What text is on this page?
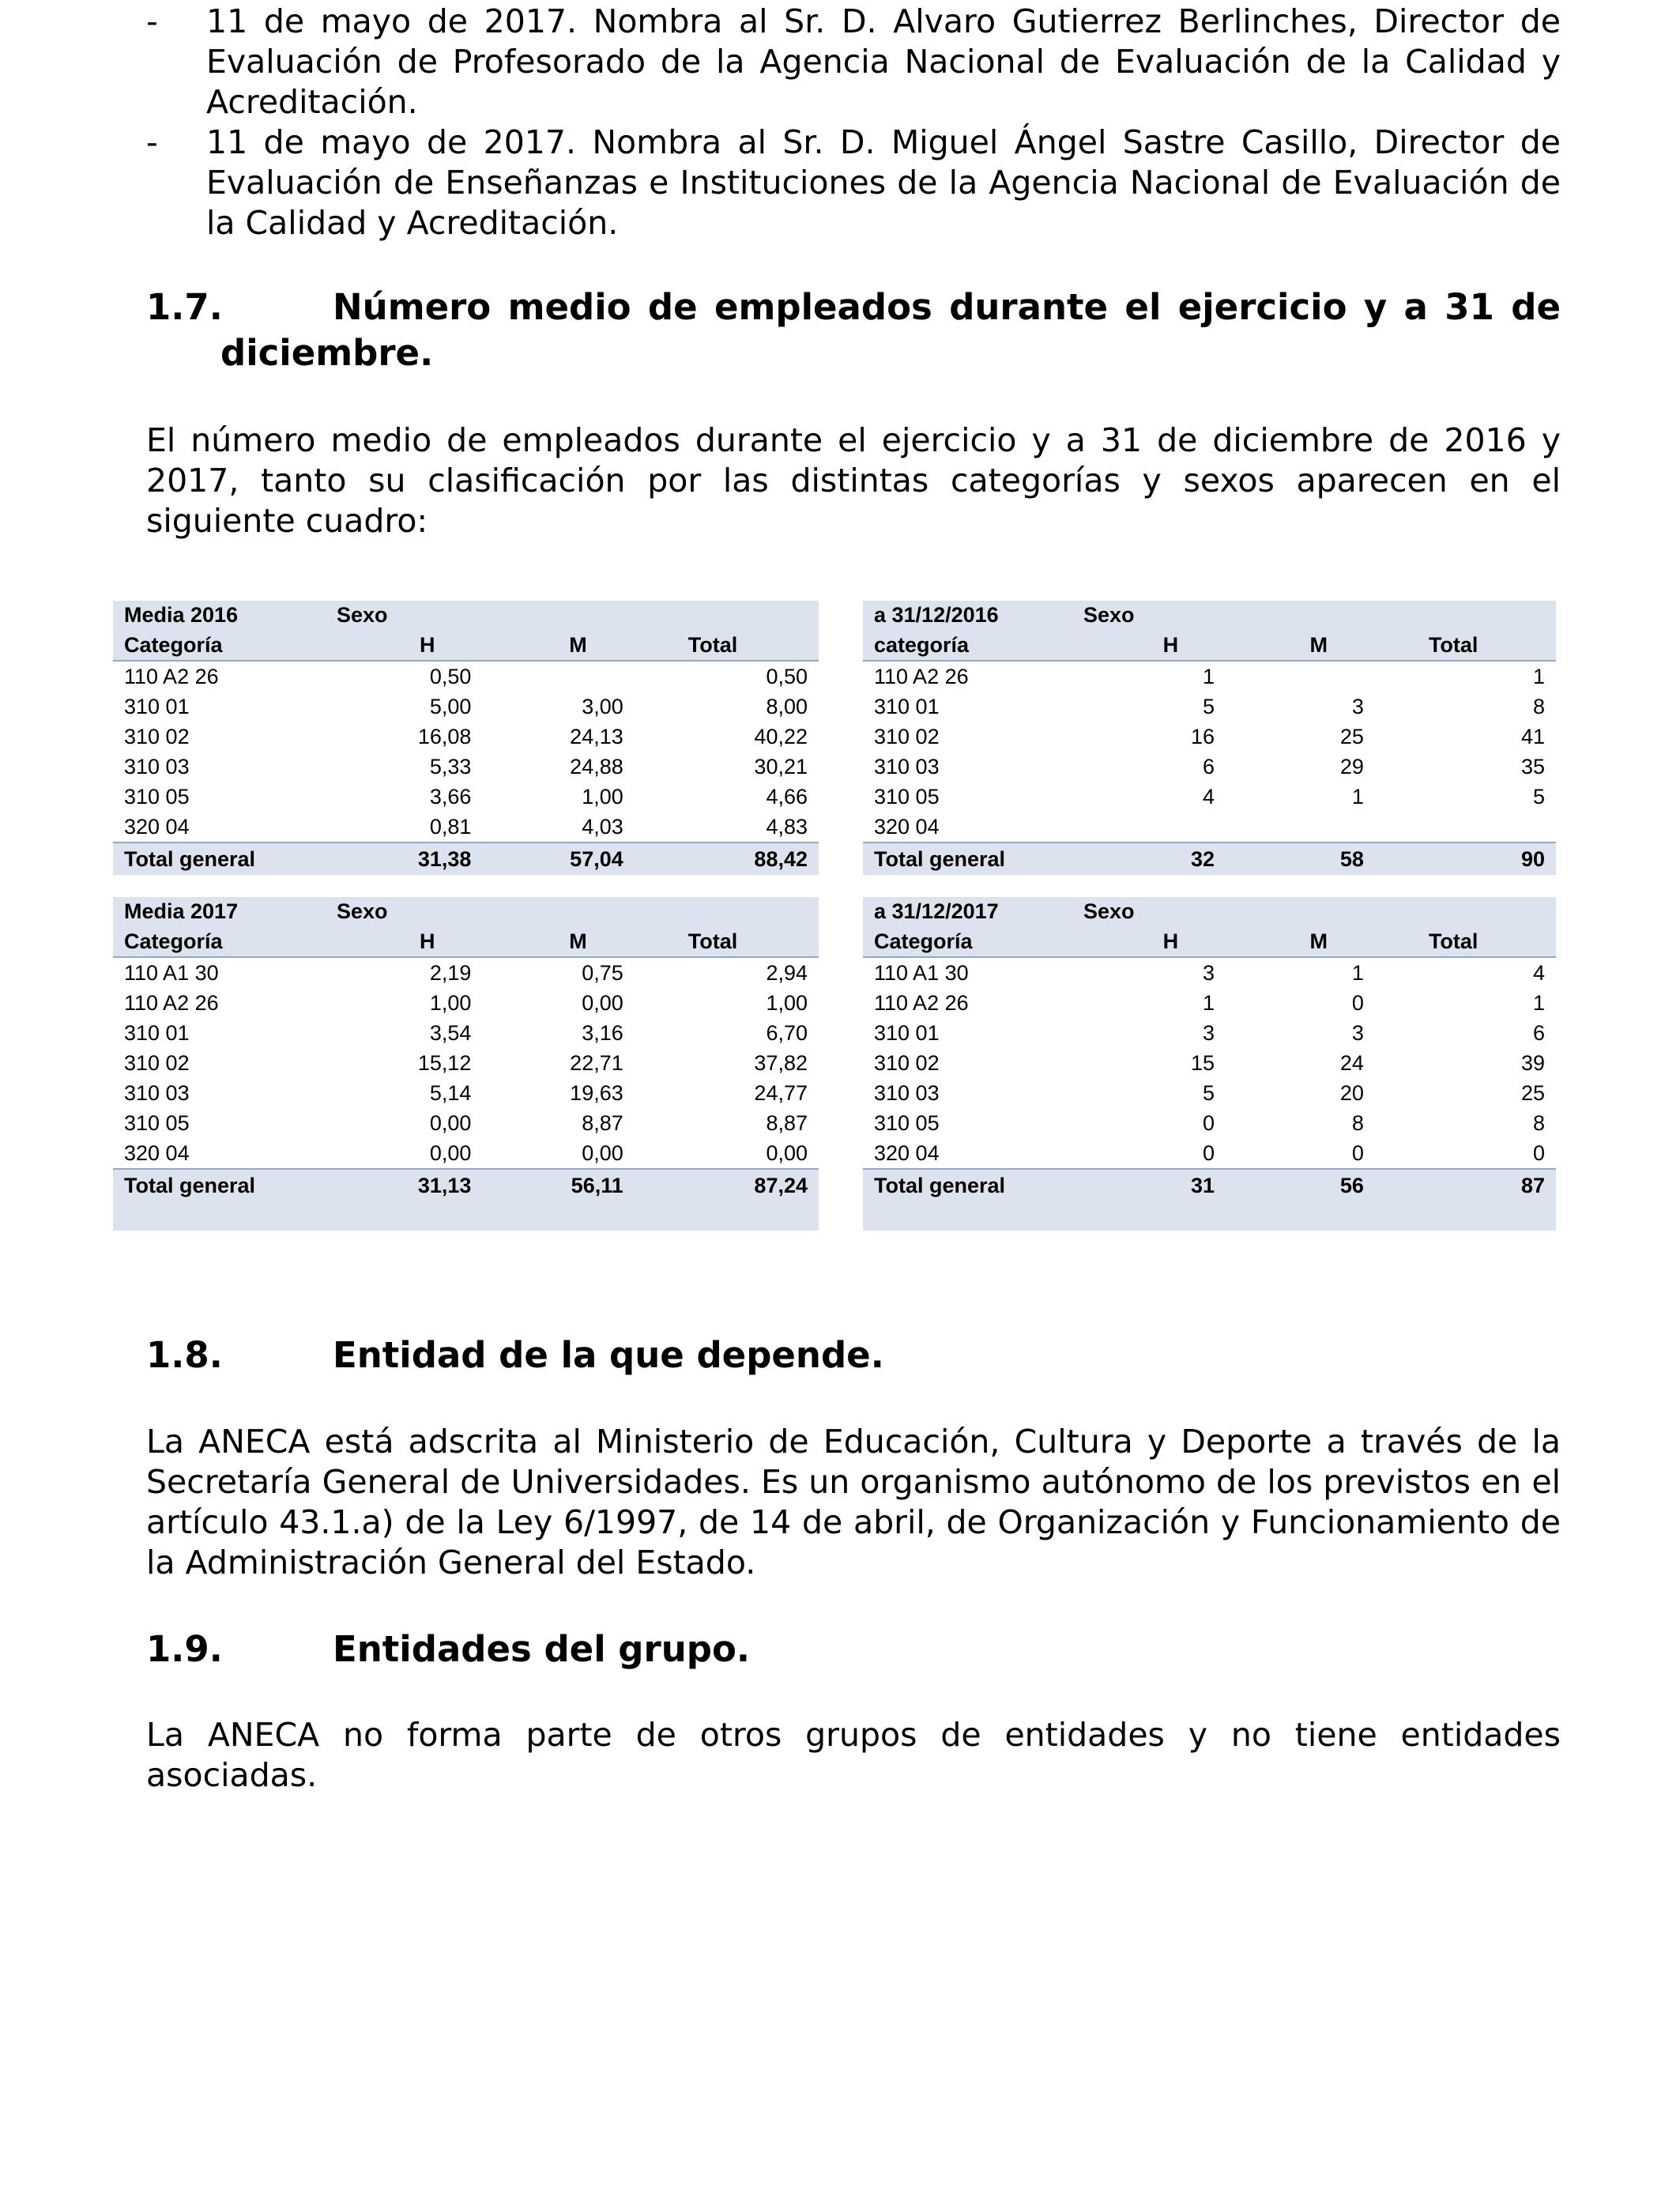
- 11 de mayo de 2017. Nombra al Sr. D. Alvaro Gutierrez Berlinches, Director de Evaluación de Profesorado de la Agencia Nacional de Evaluación de la Calidad y Acreditación.
- 11 de mayo de 2017. Nombra al Sr. D. Miguel Ángel Sastre Casillo, Director de Evaluación de Enseñanzas e Instituciones de la Agencia Nacional de Evaluación de la Calidad y Acreditación.
1.7.	Número medio de empleados durante el ejercicio y a 31 de
diciembre.
El número medio de empleados durante el ejercicio y a 31 de diciembre de 2016 y 2017, tanto su clasificación por las distintas categorías y sexos aparecen en el siguiente cuadro:
Media 2016	Sexo		
Categoría	H	M	Total
110 A2 26	0,50		0,50
310 01	5,00	3,00	8,00
310 02	16,08	24,13	40,22
310 03	5,33	24,88	30,21
310 05	3,66	1,00	4,66
320 04	0,81	4,03	4,83
Total general	31,38	57,04	88,42
a 31/12/2016	Sexo		
categoría	H	M	Total
110 A2 26	1		1
310 01	5	3	8
310 02	16	25	41
310 03	6	29	35
310 05	4	1	5
320 04			
Total general	32	58	90
Media 2017	Sexo		
Categoría	H	M	Total
110 A1 30	2,19	0,75	2,94
110 A2 26	1,00	0,00	1,00
310 01	3,54	3,16	6,70
310 02	15,12	22,71	37,82
310 03	5,14	19,63	24,77
310 05	0,00	8,87	8,87
320 04	0,00	0,00	0,00
Total general	31,13	56,11	87,24

a 31/12/2017	Sexo		
Categoría	H	M	Total
110 A1 30	3	1	4
110 A2 26	1	0	1
310 01	3	3	6
310 02	15	24	39
310 03	5	20	25
310 05	0	8	8
320 04	0	0	0
Total general	31	56	87

1.8.	Entidad de la que depende.
La ANECA está adscrita al Ministerio de Educación, Cultura y Deporte a través de la Secretaría General de Universidades. Es un organismo autónomo de los previstos en el artículo 43.1.a) de la Ley 6/1997, de 14 de abril, de Organización y Funcionamiento de la Administración General del Estado.
1.9.	Entidades del grupo.
La ANECA no forma parte de otros grupos de entidades y no tiene entidades asociadas.
